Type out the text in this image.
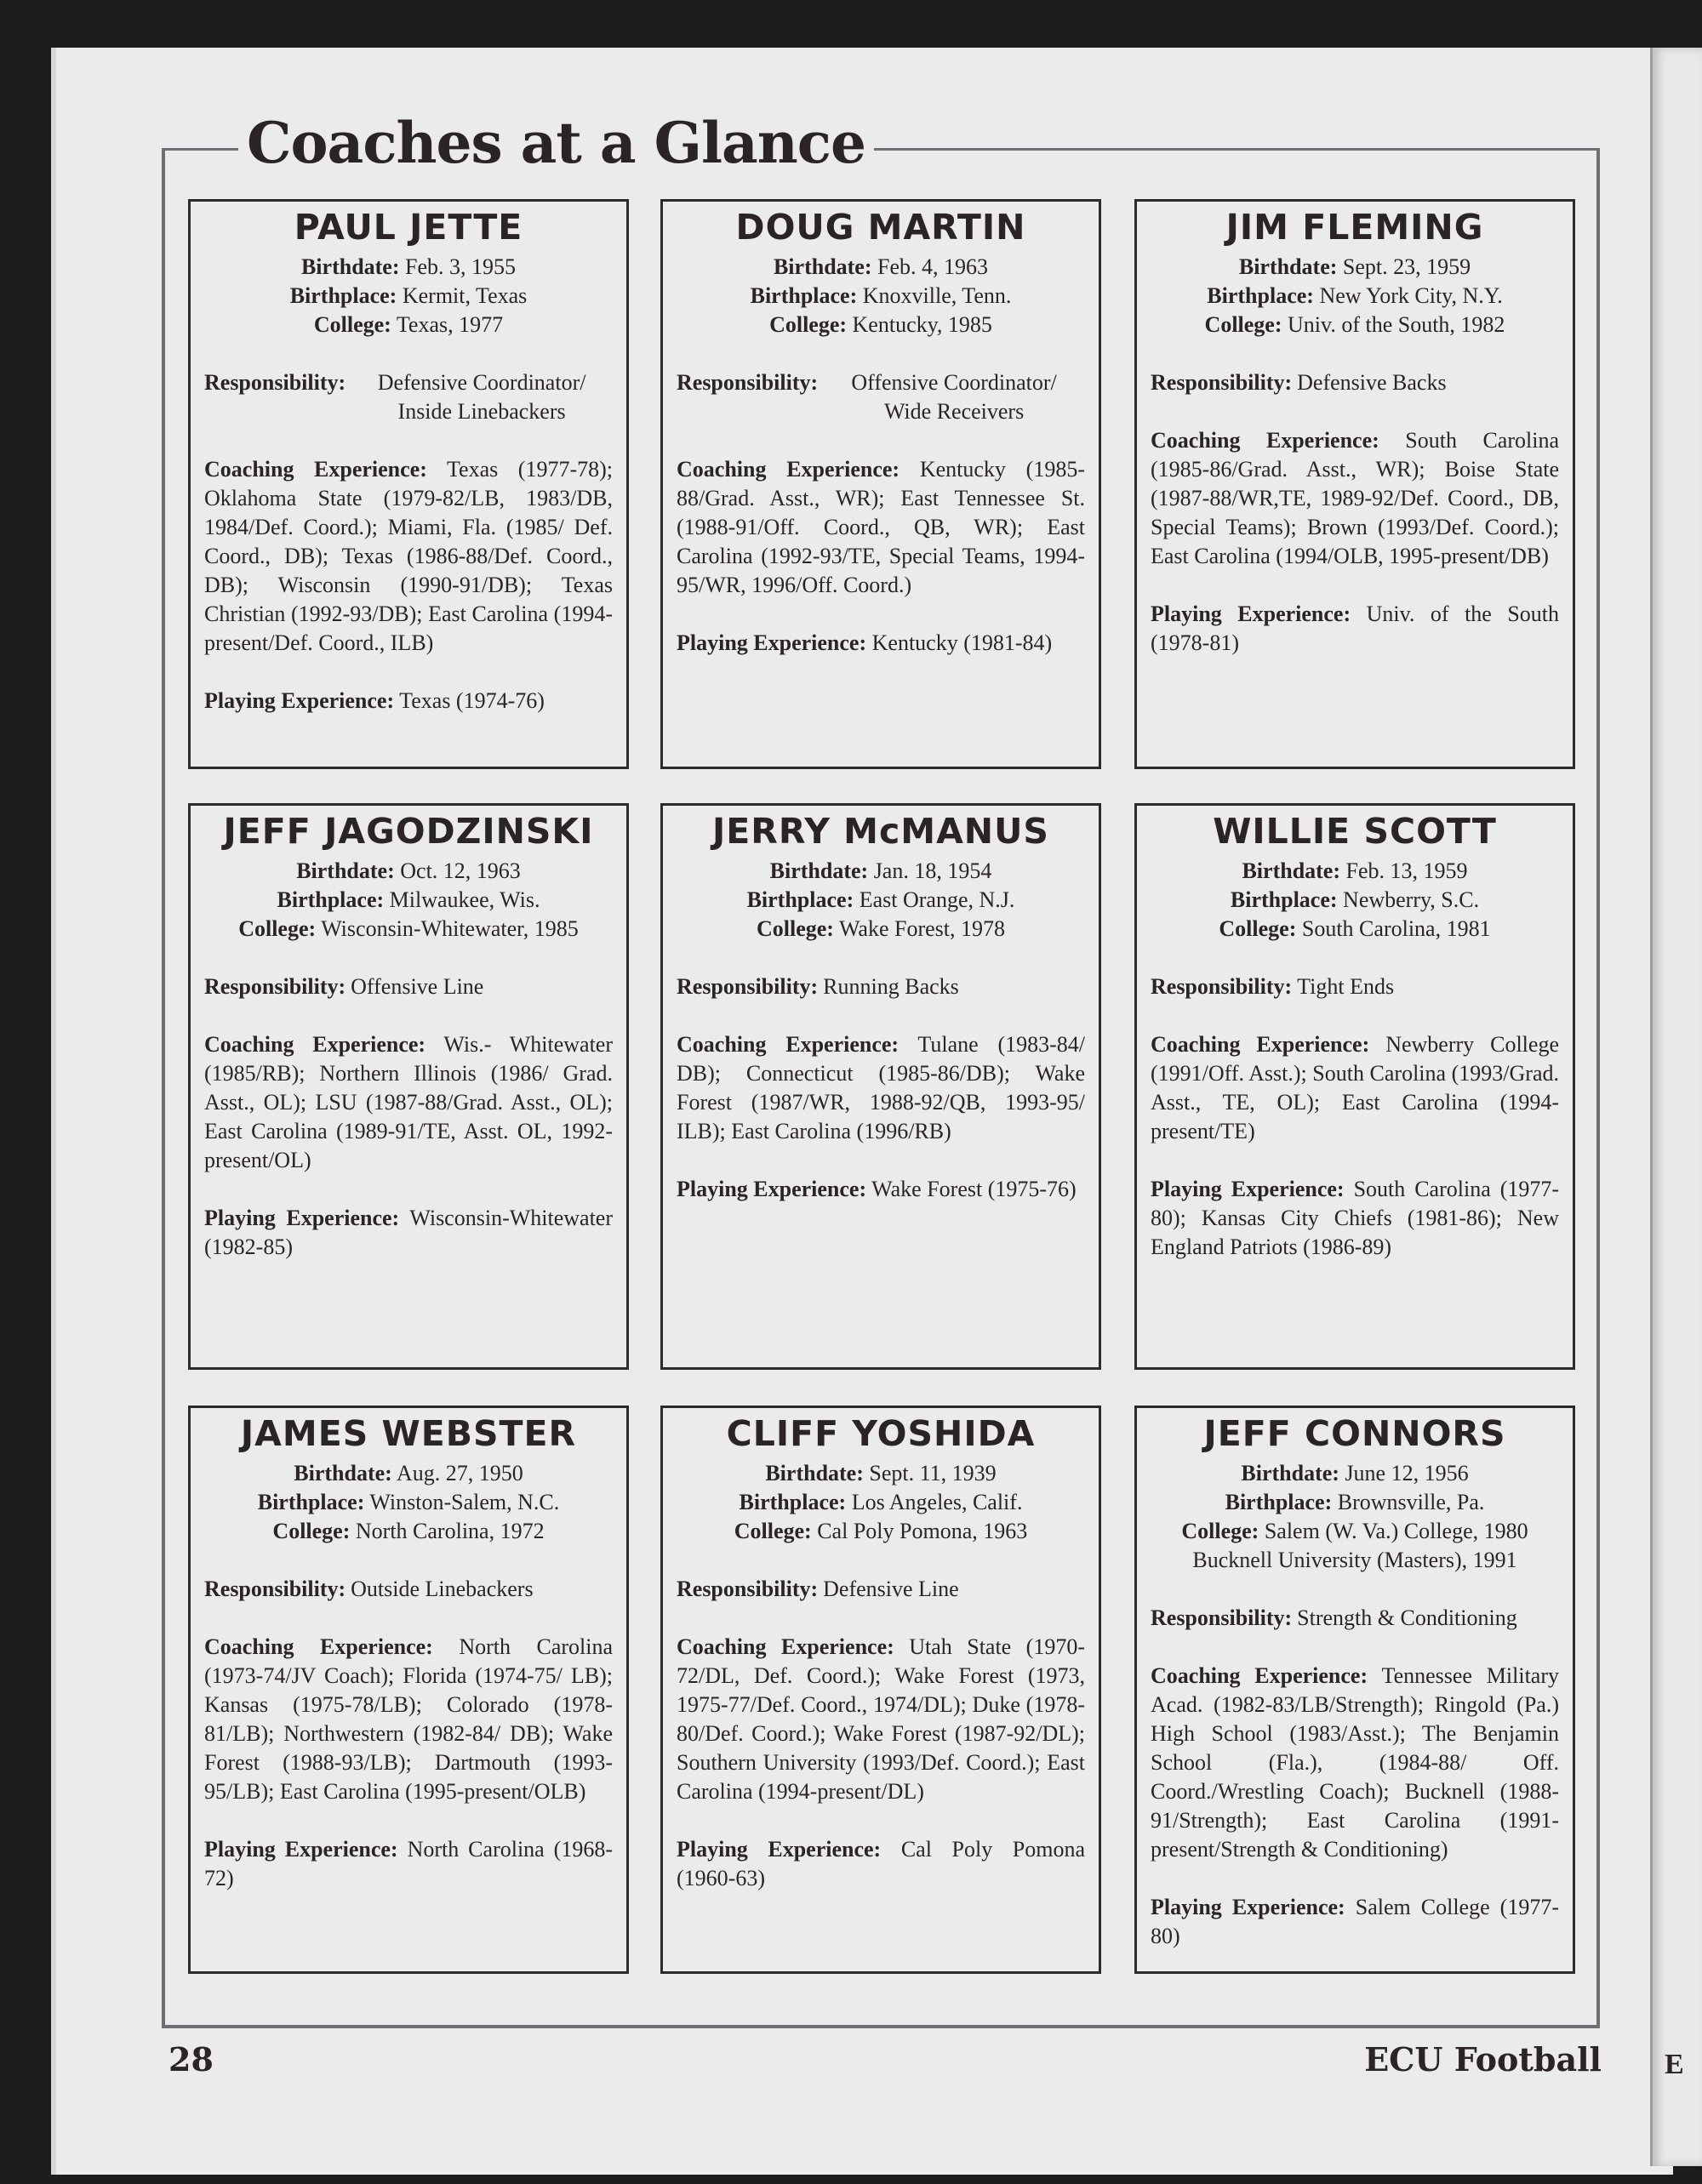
E
Coaches at a Glance
PAUL JETTE
Birthdate: Feb. 3, 1955
Birthplace: Kermit, Texas
College: Texas, 1977
Responsibility:	Defensive Coordinator/
Inside Linebackers
Coaching Experience: Texas (1977-78); Oklahoma State (1979-82/LB, 1983/DB, 1984/Def. Coord.); Miami, Fla. (1985/ Def. Coord., DB); Texas (1986-88/Def. Coord., DB); Wisconsin (1990-91/DB); Texas Christian (1992-93/DB); East Carolina (1994-present/Def. Coord., ILB)
Playing Experience: Texas (1974-76)
DOUG MARTIN
Birthdate: Feb. 4, 1963
Birthplace: Knoxville, Tenn.
College: Kentucky, 1985
Responsibility:	Offensive Coordinator/
Wide Receivers
Coaching Experience: Kentucky (1985-88/Grad. Asst., WR); East Tennessee St. (1988-91/Off. Coord., QB, WR); East Carolina (1992-93/TE, Special Teams, 1994-95/WR, 1996/Off. Coord.)
Playing Experience: Kentucky (1981-84)
JIM FLEMING
Birthdate: Sept. 23, 1959
Birthplace: New York City, N.Y.
College: Univ. of the South, 1982
Responsibility: Defensive Backs
Coaching Experience: South Carolina (1985-86/Grad. Asst., WR); Boise State (1987-88/WR,TE, 1989-92/Def. Coord., DB, Special Teams); Brown (1993/Def. Coord.); East Carolina (1994/OLB, 1995-present/DB)
Playing Experience: Univ. of the South (1978-81)
JEFF JAGODZINSKI
Birthdate: Oct. 12, 1963
Birthplace: Milwaukee, Wis.
College: Wisconsin-Whitewater, 1985
Responsibility: Offensive Line
Coaching Experience: Wis.- Whitewater (1985/RB); Northern Illinois (1986/ Grad. Asst., OL); LSU (1987-88/Grad. Asst., OL); East Carolina (1989-91/TE, Asst. OL, 1992-present/OL)
Playing Experience: Wisconsin-Whitewater (1982-85)
JERRY McMANUS
Birthdate: Jan. 18, 1954
Birthplace: East Orange, N.J.
College: Wake Forest, 1978
Responsibility: Running Backs
Coaching Experience: Tulane (1983-84/ DB); Connecticut (1985-86/DB); Wake Forest (1987/WR, 1988-92/QB, 1993-95/ ILB); East Carolina (1996/RB)
Playing Experience: Wake Forest (1975-76)
WILLIE SCOTT
Birthdate: Feb. 13, 1959
Birthplace: Newberry, S.C.
College: South Carolina, 1981
Responsibility: Tight Ends
Coaching Experience: Newberry College (1991/Off. Asst.); South Carolina (1993/Grad. Asst., TE, OL); East Carolina (1994-present/TE)
Playing Experience: South Carolina (1977-80); Kansas City Chiefs (1981-86); New England Patriots (1986-89)
JAMES WEBSTER
Birthdate: Aug. 27, 1950
Birthplace: Winston-Salem, N.C.
College: North Carolina, 1972
Responsibility: Outside Linebackers
Coaching Experience: North Carolina (1973-74/JV Coach); Florida (1974-75/ LB); Kansas (1975-78/LB); Colorado (1978-81/LB); Northwestern (1982-84/ DB); Wake Forest (1988-93/LB); Dartmouth (1993-95/LB); East Carolina (1995-present/OLB)
Playing Experience: North Carolina (1968-72)
CLIFF YOSHIDA
Birthdate: Sept. 11, 1939
Birthplace: Los Angeles, Calif.
College: Cal Poly Pomona, 1963
Responsibility: Defensive Line
Coaching Experience: Utah State (1970-72/DL, Def. Coord.); Wake Forest (1973, 1975-77/Def. Coord., 1974/DL); Duke (1978-80/Def. Coord.); Wake Forest (1987-92/DL); Southern University (1993/Def. Coord.); East Carolina (1994-present/DL)
Playing Experience: Cal Poly Pomona (1960-63)
JEFF CONNORS
Birthdate: June 12, 1956
Birthplace: Brownsville, Pa.
College: Salem (W. Va.) College, 1980
Bucknell University (Masters), 1991
Responsibility: Strength & Conditioning
Coaching Experience: Tennessee Military Acad. (1982-83/LB/Strength); Ringold (Pa.) High School (1983/Asst.); The Benjamin School (Fla.), (1984-88/ Off. Coord./Wrestling Coach); Bucknell (1988-91/Strength); East Carolina (1991-present/Strength & Conditioning)
Playing Experience: Salem College (1977-80)
28	ECU Football
